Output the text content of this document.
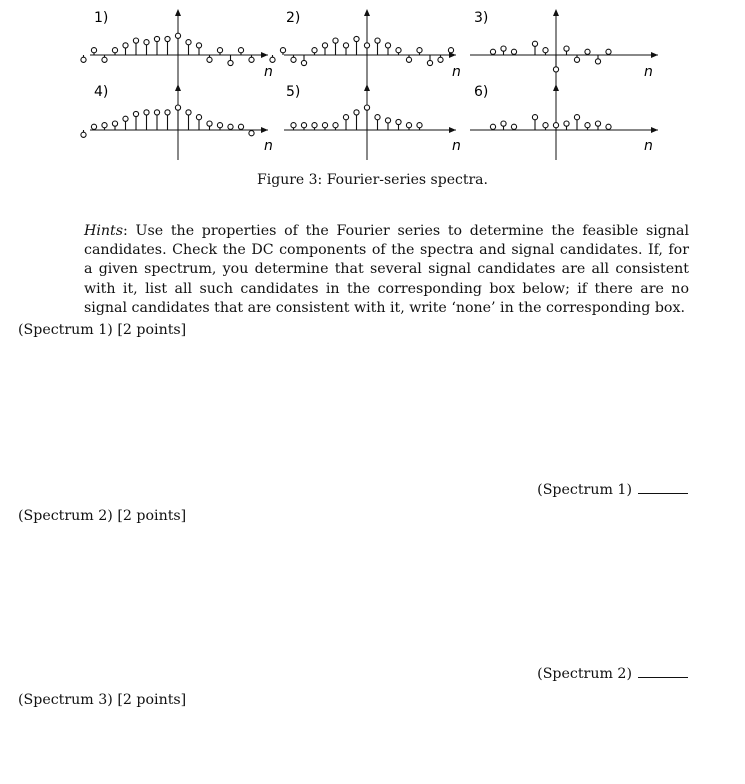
1)	2)	3)
4)	5)	6)
n	n	n
n	n	n
Figure 3: Fourier-series spectra.

Hints: Use the properties of the Fourier series to determine the feasible signal candidates. Check the DC components of the spectra and signal candidates. If, for a given spectrum, you determine that several signal candidates are all consistent with it, list all such candidates in the corresponding box below; if there are no signal candidates that are consistent with it, write ‘none’ in the corresponding box.

(Spectrum 1) [2 points]
(Spectrum 1)
(Spectrum 2) [2 points]
(Spectrum 2)
(Spectrum 3) [2 points]
